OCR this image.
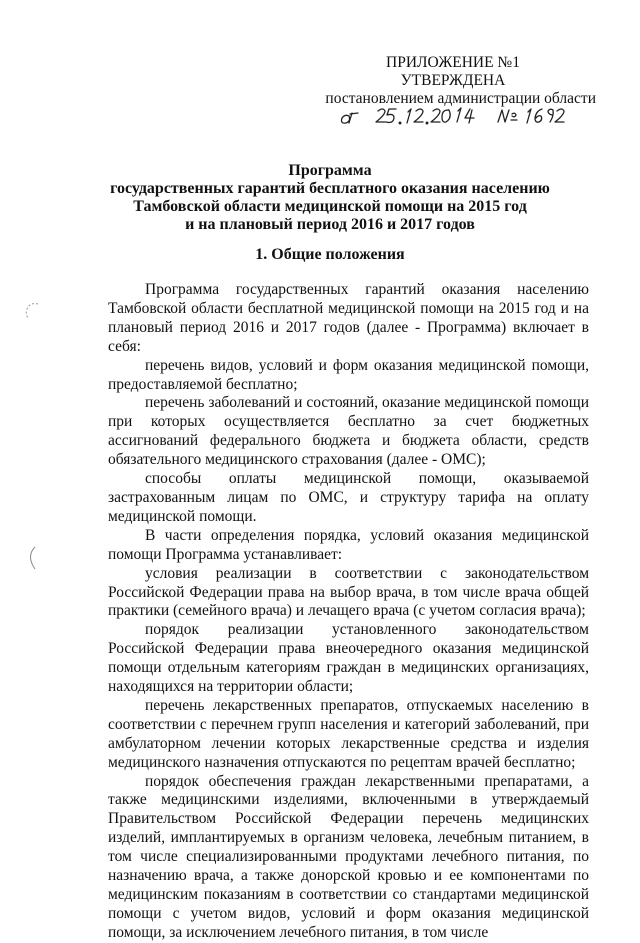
ПРИЛОЖЕНИЕ №1
УТВЕРЖДЕНА
постановлением администрации области
Программа
государственных гарантий бесплатного оказания населению
Тамбовской области медицинской помощи на 2015 год
и на плановый период 2016 и 2017 годов
1. Общие положения

Программа государственных гарантий оказания населению Тамбовской области бесплатной медицинской помощи на 2015 год и на плановый период 2016 и 2017 годов (далее - Программа) включает в себя:

перечень видов, условий и форм оказания медицинской помощи, предоставляемой бесплатно;

перечень заболеваний и состояний, оказание медицинской помощи при которых осуществляется бесплатно за счет бюджетных ассигнований федерального бюджета и бюджета области, средств обязательного медицинского страхования (далее - ОМС);

способы оплаты медицинской помощи, оказываемой застрахованным лицам по ОМС, и структуру тарифа на оплату медицинской помощи.

В части определения порядка, условий оказания медицинской помощи Программа устанавливает:

условия реализации в соответствии с законодательством Российской Федерации права на выбор врача, в том числе врача общей практики (семейного врача) и лечащего врача (с учетом согласия врача);

порядок реализации установленного законодательством Российской Федерации права внеочередного оказания медицинской помощи отдельным категориям граждан в медицинских организациях, находящихся на территории области;

перечень лекарственных препаратов, отпускаемых населению в соответствии с перечнем групп населения и категорий заболеваний, при амбулаторном лечении которых лекарственные средства и изделия медицинского назначения отпускаются по рецептам врачей бесплатно;

порядок обеспечения граждан лекарственными препаратами, а также медицинскими изделиями, включенными в утверждаемый Правительством Российской Федерации перечень медицинских изделий, имплантируемых в организм человека, лечебным питанием, в том числе специализированными продуктами лечебного питания, по назначению врача, а также донорской кровью и ее компонентами по медицинским показаниям в соответствии со стандартами медицинской помощи с учетом видов, условий и форм оказания медицинской помощи, за исключением лечебного питания, в том числе
